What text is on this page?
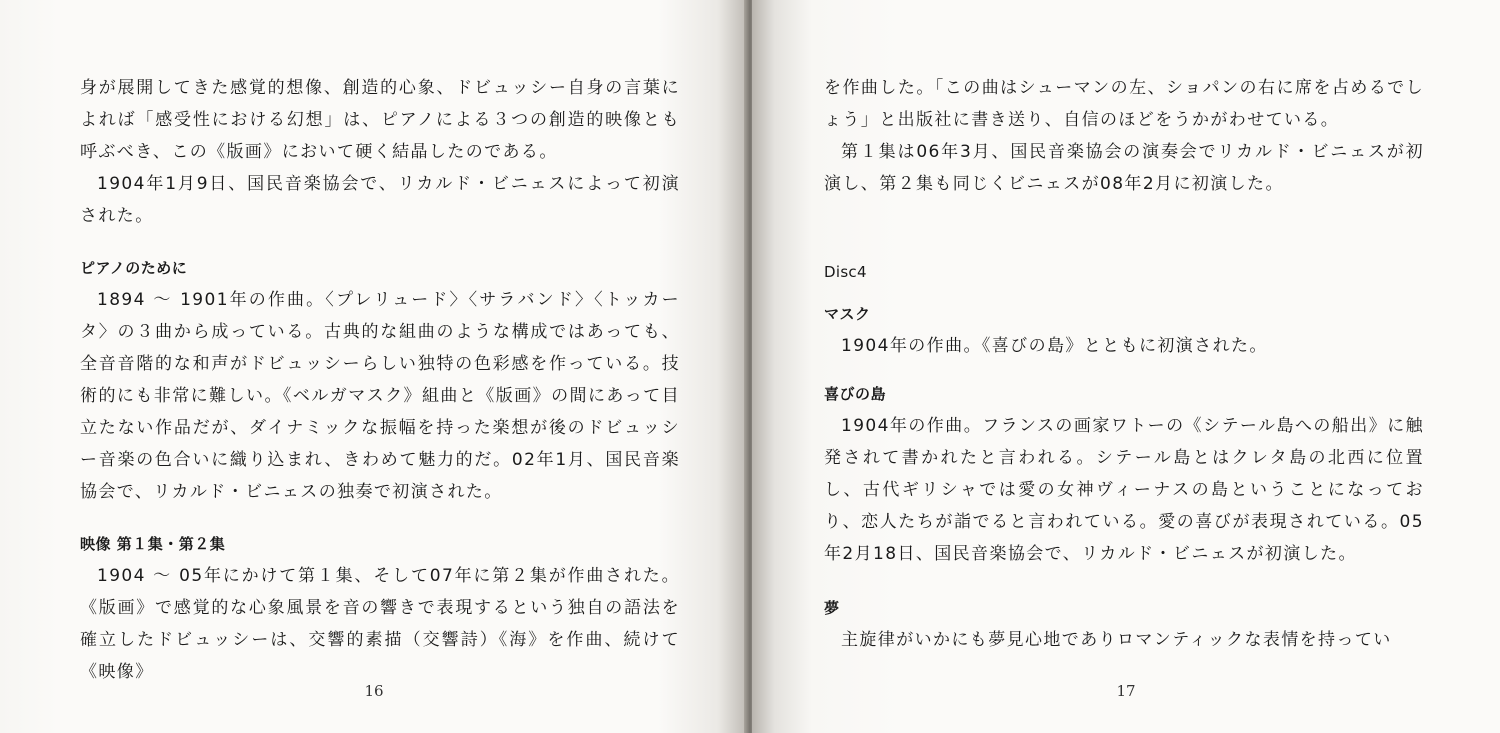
身が展開してきた感覚的想像、創造的心象、ドビュッシー自身の言葉によれば「感受性における幻想」は、ピアノによる３つの創造的映像とも呼ぶべき、この《版画》において硬く結晶したのである。

1904年1月9日、国民音楽協会で、リカルド・ビニェスによって初演された。

ピアノのために

1894 ～ 1901年の作曲。〈プレリュード〉〈サラバンド〉〈トッカータ〉の３曲から成っている。古典的な組曲のような構成ではあっても、全音音階的な和声がドビュッシーらしい独特の色彩感を作っている。技術的にも非常に難しい。《ベルガマスク》組曲と《版画》の間にあって目立たない作品だが、ダイナミックな振幅を持った楽想が後のドビュッシー音楽の色合いに織り込まれ、きわめて魅力的だ。02年1月、国民音楽協会で、リカルド・ビニェスの独奏で初演された。

映像 第１集・第２集

1904 ～ 05年にかけて第１集、そして07年に第２集が作曲された。《版画》で感覚的な心象風景を音の響きで表現するという独自の語法を確立したドビュッシーは、交響的素描（交響詩）《海》を作曲、続けて《映像》

16

を作曲した。「この曲はシューマンの左、ショパンの右に席を占めるでしょう」と出版社に書き送り、自信のほどをうかがわせている。

第１集は06年3月、国民音楽協会の演奏会でリカルド・ビニェスが初演し、第２集も同じくビニェスが08年2月に初演した。

Disc4
マスク

1904年の作曲。《喜びの島》とともに初演された。

喜びの島

1904年の作曲。フランスの画家ワトーの《シテール島への船出》に触発されて書かれたと言われる。シテール島とはクレタ島の北西に位置し、古代ギリシャでは愛の女神ヴィーナスの島ということになっており、恋人たちが詣でると言われている。愛の喜びが表現されている。05年2月18日、国民音楽協会で、リカルド・ビニェスが初演した。

夢

主旋律がいかにも夢見心地でありロマンティックな表情を持ってい

17
